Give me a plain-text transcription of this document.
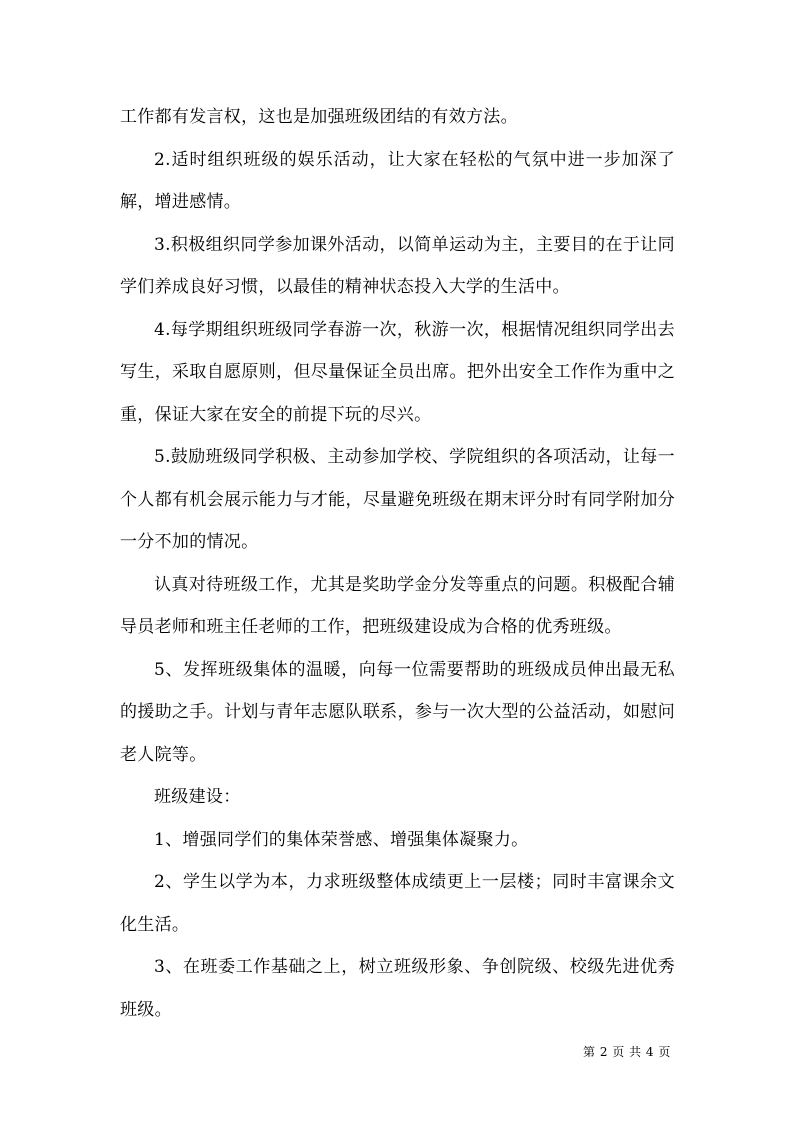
工作都有发言权，这也是加强班级团结的有效方法。

2.适时组织班级的娱乐活动，让大家在轻松的气氛中进一步加深了解，增进感情。

3.积极组织同学参加课外活动，以简单运动为主，主要目的在于让同学们养成良好习惯，以最佳的精神状态投入大学的生活中。

4.每学期组织班级同学春游一次，秋游一次，根据情况组织同学出去写生，采取自愿原则，但尽量保证全员出席。把外出安全工作作为重中之重，保证大家在安全的前提下玩的尽兴。

5.鼓励班级同学积极、主动参加学校、学院组织的各项活动，让每一个人都有机会展示能力与才能，尽量避免班级在期末评分时有同学附加分一分不加的情况。

认真对待班级工作，尤其是奖助学金分发等重点的问题。积极配合辅导员老师和班主任老师的工作，把班级建设成为合格的优秀班级。

5、发挥班级集体的温暖，向每一位需要帮助的班级成员伸出最无私的援助之手。计划与青年志愿队联系，参与一次大型的公益活动，如慰问老人院等。

班级建设：

1、增强同学们的集体荣誉感、增强集体凝聚力。

2、学生以学为本，力求班级整体成绩更上一层楼；同时丰富课余文化生活。

3、在班委工作基础之上，树立班级形象、争创院级、校级先进优秀班级。

第 2 页 共 4 页
